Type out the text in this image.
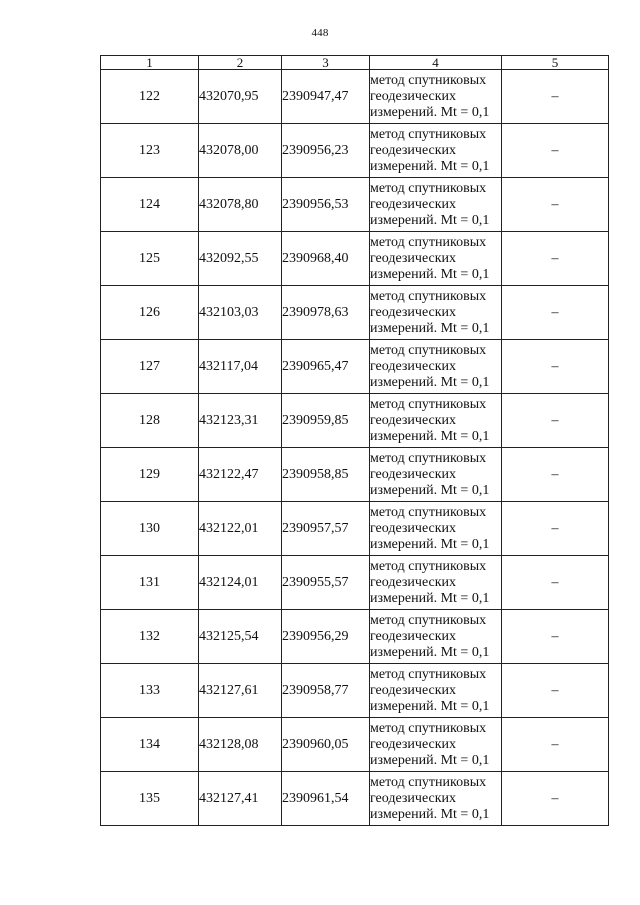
448
1	2	3	4	5
122	432070,95	2390947,47	метод спутниковых
геодезических
измерений. Mt = 0,1	–
123	432078,00	2390956,23	метод спутниковых
геодезических
измерений. Mt = 0,1	–
124	432078,80	2390956,53	метод спутниковых
геодезических
измерений. Mt = 0,1	–
125	432092,55	2390968,40	метод спутниковых
геодезических
измерений. Mt = 0,1	–
126	432103,03	2390978,63	метод спутниковых
геодезических
измерений. Mt = 0,1	–
127	432117,04	2390965,47	метод спутниковых
геодезических
измерений. Mt = 0,1	–
128	432123,31	2390959,85	метод спутниковых
геодезических
измерений. Mt = 0,1	–
129	432122,47	2390958,85	метод спутниковых
геодезических
измерений. Mt = 0,1	–
130	432122,01	2390957,57	метод спутниковых
геодезических
измерений. Mt = 0,1	–
131	432124,01	2390955,57	метод спутниковых
геодезических
измерений. Mt = 0,1	–
132	432125,54	2390956,29	метод спутниковых
геодезических
измерений. Mt = 0,1	–
133	432127,61	2390958,77	метод спутниковых
геодезических
измерений. Mt = 0,1	–
134	432128,08	2390960,05	метод спутниковых
геодезических
измерений. Mt = 0,1	–
135	432127,41	2390961,54	метод спутниковых
геодезических
измерений. Mt = 0,1	–
